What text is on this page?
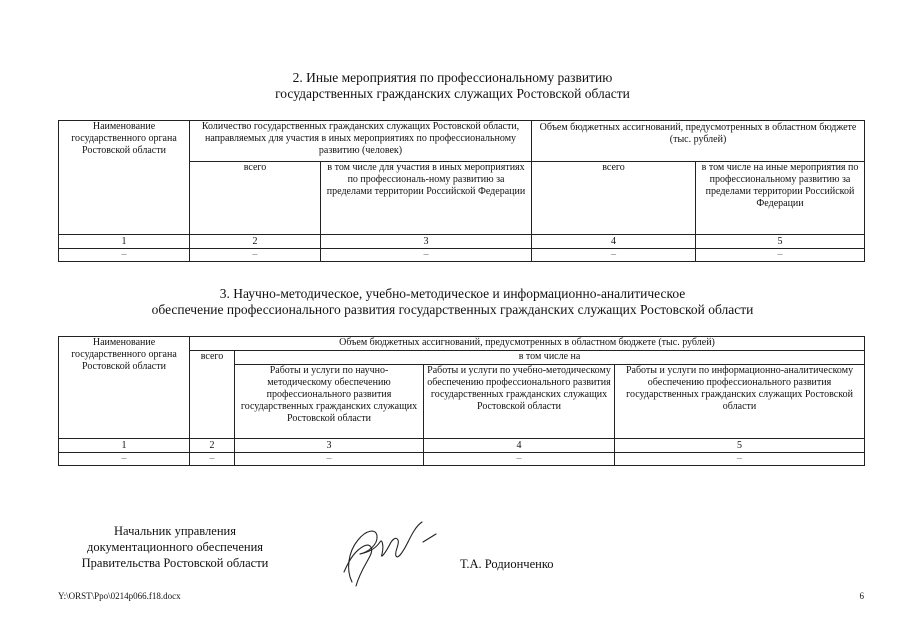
2. Иные мероприятия по профессиональному развитию
государственных гражданских служащих Ростовской области
Наименование государственного органа Ростовской области	Количество государственных гражданских служащих Ростовской области, направляемых для участия в иных мероприятиях по профессиональному развитию (человек)		Объем бюджетных ассигнований, предусмотренных в областном бюджете (тыс. рублей)	
	всего	в том числе для участия в иных мероприятиях по профессиональ-ному развитию за пределами территории Российской Федерации	всего	в том числе на иные мероприятия по профессиональному развитию за пределами территории Российской Федерации
1	2	3	4	5
–	–	–	–	–
3. Научно-методическое, учебно-методическое и информационно-аналитическое
обеспечение профессионального развития государственных гражданских служащих Ростовской области
Наименование государственного органа Ростовской области	Объем бюджетных ассигнований, предусмотренных в областном бюджете (тыс. рублей)			
	всего	в том числе на		
		Работы и услуги по научно-методическому обеспечению профессионального развития государственных гражданских служащих Ростовской области	Работы и услуги по учебно-методическому обеспечению профессионального развития государственных гражданских служащих Ростовской области	Работы и услуги по информационно-аналитическому обеспечению профессионального развития государственных гражданских служащих Ростовской области
1	2	3	4	5
–	–	–	–	–
Начальник управления
документационного обеспечения
Правительства Ростовской области	Т.А. Родионченко
Y:\ORST\Ppo\0214p066.f18.docx	6
